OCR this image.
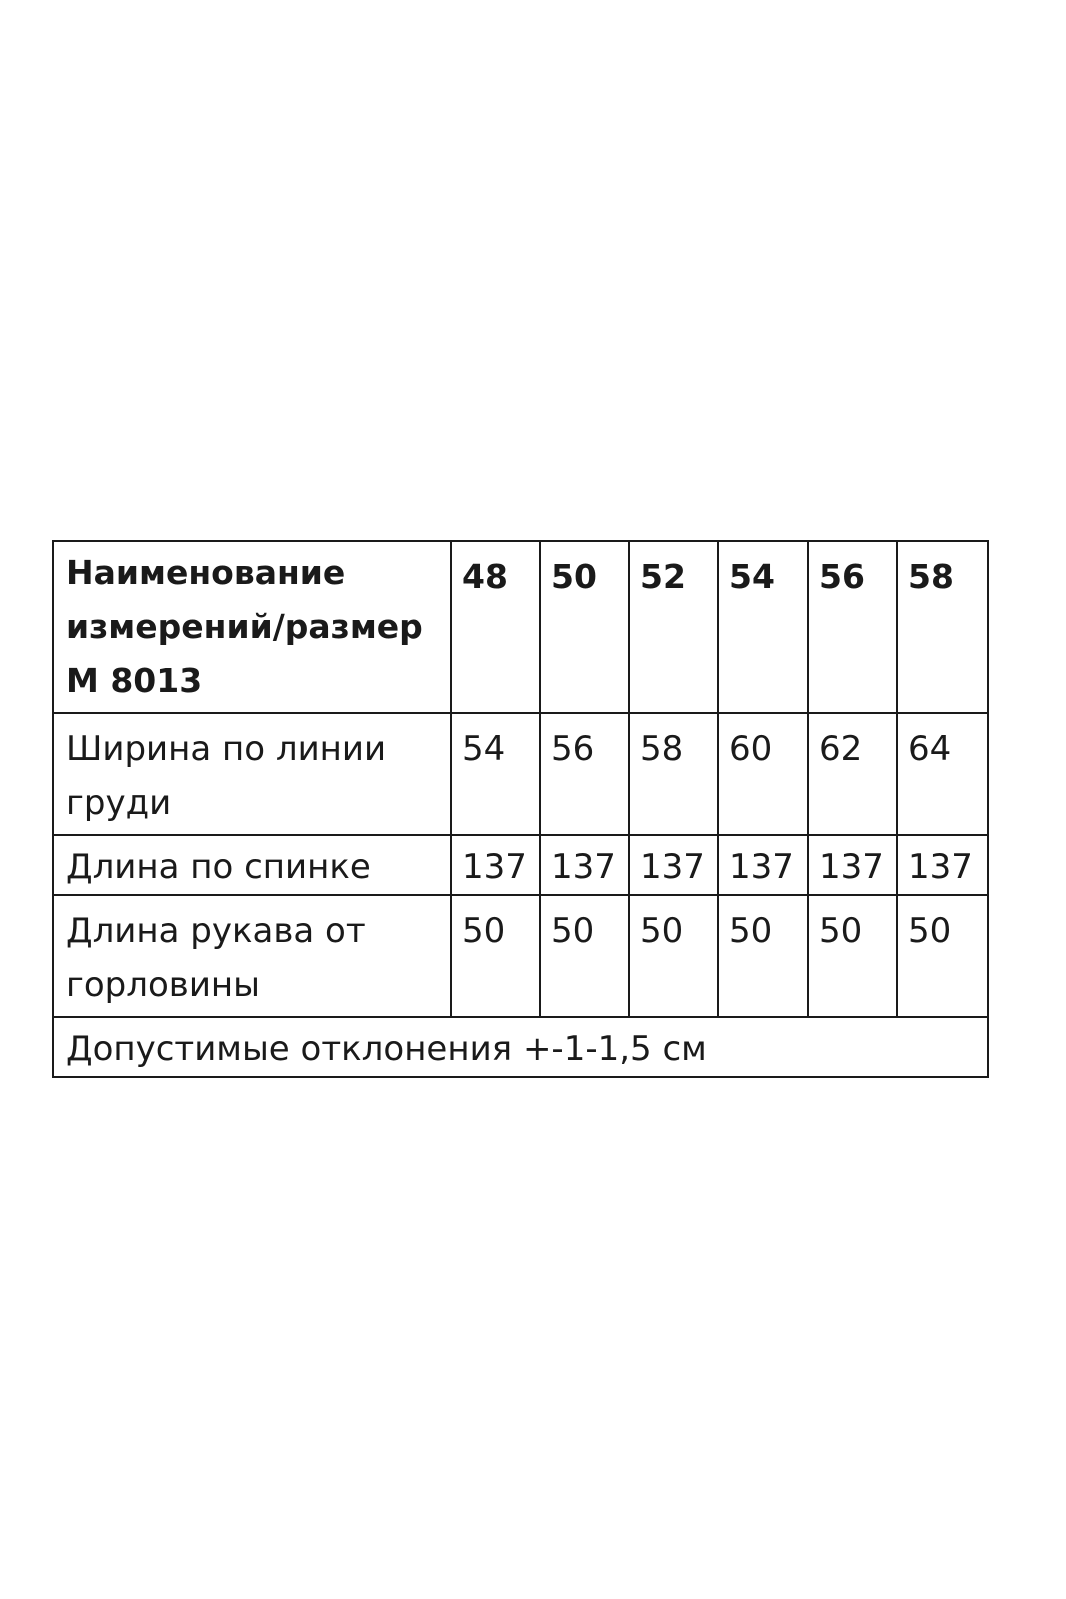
Наименование
измерений/размер
М 8013	48	50	52	54	56	58

Ширина по линии
груди	54	56	58	60	62	64

Длина по спинке	137	137	137	137	137	137

Длина рукава от
горловины	50	50	50	50	50	50
Допустимые отклонения +-1-1,5 см						
